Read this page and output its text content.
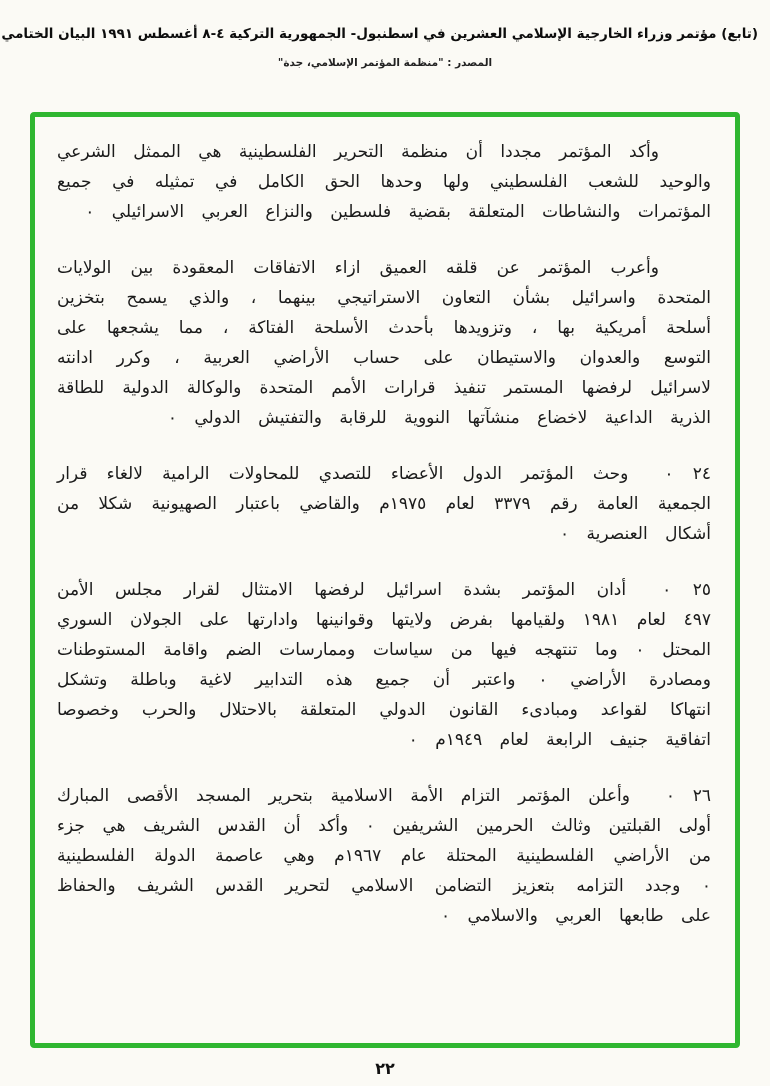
(تابع) مؤتمر وزراء الخارجية الإسلامي العشرين في اسطنبول- الجمهورية التركية ٤-٨ أغسطس ١٩٩١ البيان الختامي
المصدر : "منظمة المؤتمر الإسلامي، جدة"

وأكد المؤتمر مجددا أن منظمة التحرير الفلسطينية هي الممثل الشرعي والوحيد للشعب الفلسطيني ولها وحدها الحق الكامل في تمثيله في جميع المؤتمرات والنشاطات المتعلقة بقضية فلسطين والنزاع العربي الاسرائيلي ٠

وأعرب المؤتمر عن قلقه العميق ازاء الاتفاقات المعقودة بين الولايات المتحدة واسرائيل بشأن التعاون الاستراتيجي بينهما ، والذي يسمح بتخزين أسلحة أمريكية بها ، وتزويدها بأحدث الأسلحة الفتاكة ، مما يشجعها على التوسع والعدوان والاستيطان على حساب الأراضي العربية ، وكرر ادانته لاسرائيل لرفضها المستمر تنفيذ قرارات الأمم المتحدة والوكالة الدولية للطاقة الذرية الداعية لاخضاع منشآتها النووية للرقابة والتفتيش الدولي ٠

٢٤ ٠وحث المؤتمر الدول الأعضاء للتصدي للمحاولات الرامية لالغاء قرار الجمعية العامة رقم ٣٣٧٩ لعام ١٩٧٥م والقاضي باعتبار الصهيونية شكلا من أشكال العنصرية ٠

٢٥ ٠أدان المؤتمر بشدة اسرائيل لرفضها الامتثال لقرار مجلس الأمن ٤٩٧ لعام ١٩٨١ ولقيامها بفرض ولايتها وقوانينها وادارتها على الجولان السوري المحتل ٠ وما تنتهجه فيها من سياسات وممارسات الضم واقامة المستوطنات ومصادرة الأراضي ٠ واعتبر أن جميع هذه التدابير لاغية وباطلة وتشكل انتهاكا لقواعد ومبادىء القانون الدولي المتعلقة بالاحتلال والحرب وخصوصا اتفاقية جنيف الرابعة لعام ١٩٤٩م ٠

٢٦ ٠وأعلن المؤتمر التزام الأمة الاسلامية بتحرير المسجد الأقصى المبارك أولى القبلتين وثالث الحرمين الشريفين ٠ وأكد أن القدس الشريف هي جزء من الأراضي الفلسطينية المحتلة عام ١٩٦٧م وهي عاصمة الدولة الفلسطينية ٠ وجدد التزامه بتعزيز التضامن الاسلامي لتحرير القدس الشريف والحفاظ على طابعها العربي والاسلامي ٠

٢٢
